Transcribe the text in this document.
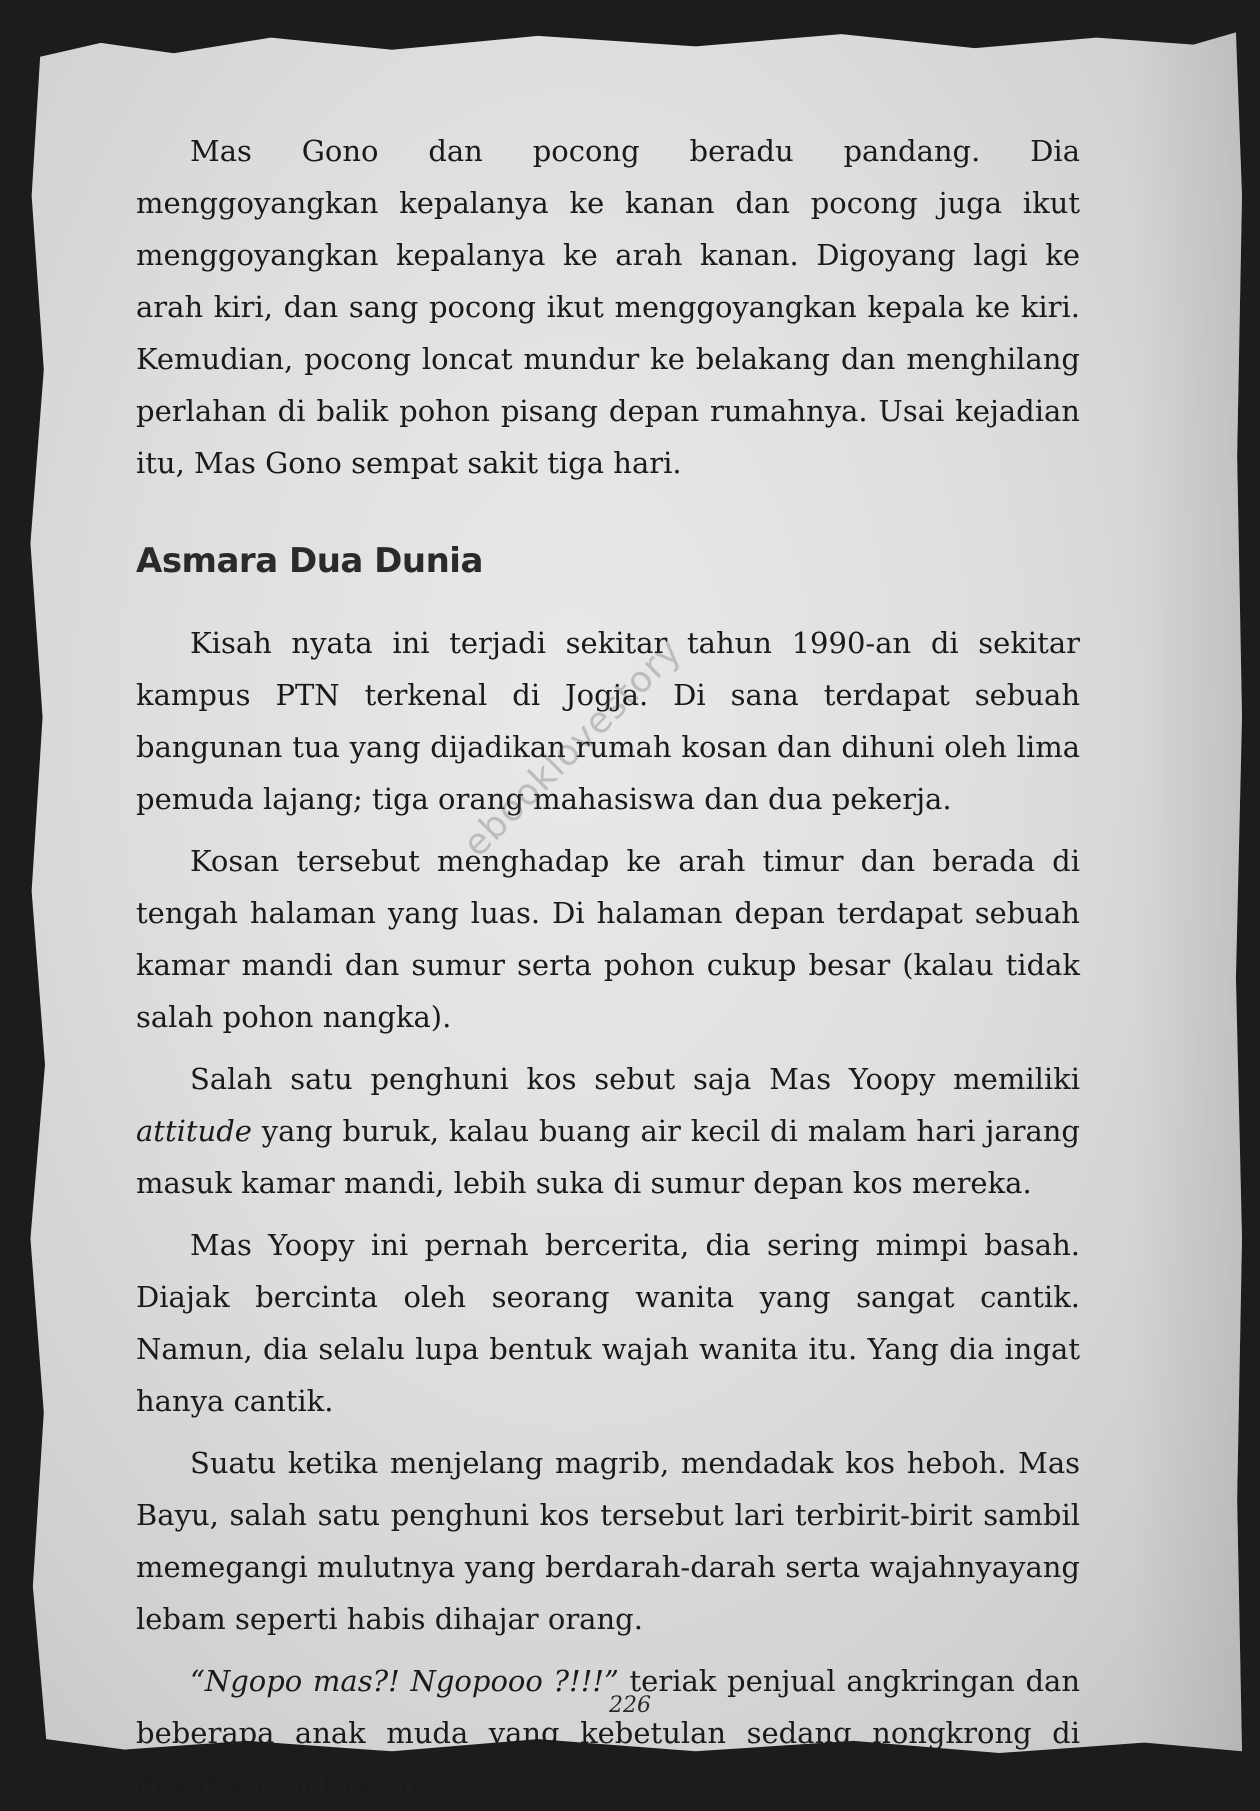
Mas Gono dan pocong beradu pandang. Dia menggoyangkan kepalanya ke kanan dan pocong juga ikut menggoyangkan kepalanya ke arah kanan. Digoyang lagi ke arah kiri, dan sang pocong ikut menggoyangkan kepala ke kiri. Kemudian, pocong loncat mundur ke belakang dan menghilang perlahan di balik pohon pisang depan rumahnya. Usai kejadian itu, Mas Gono sempat sakit tiga hari.

Asmara Dua Dunia

Kisah nyata ini terjadi sekitar tahun 1990-an di sekitar kampus PTN terkenal di Jogja. Di sana terdapat sebuah bangunan tua yang dijadikan rumah kosan dan dihuni oleh lima pemuda lajang; tiga orang mahasiswa dan dua pekerja.

Kosan tersebut menghadap ke arah timur dan berada di tengah halaman yang luas. Di halaman depan terdapat sebuah kamar mandi dan sumur serta pohon cukup besar (kalau tidak salah pohon nangka).

Salah satu penghuni kos sebut saja Mas Yoopy memiliki attitude yang buruk, kalau buang air kecil di malam hari jarang masuk kamar mandi, lebih suka di sumur depan kos mereka.

Mas Yoopy ini pernah bercerita, dia sering mimpi basah. Diajak bercinta oleh seorang wanita yang sangat cantik. Namun, dia selalu lupa bentuk wajah wanita itu. Yang dia ingat hanya cantik.

Suatu ketika menjelang magrib, mendadak kos heboh. Mas Bayu, salah satu penghuni kos tersebut lari terbirit-birit sambil memegangi mulutnya yang berdarah-darah serta wajahnyayang lebam seperti habis dihajar orang.

“Ngopo mas?! Ngopooo ?!!!” teriak penjual angkringan dan beberapa anak muda yang kebetulan sedang nongkrong di dekat kosan tua itu.

ebooklovestory
226
